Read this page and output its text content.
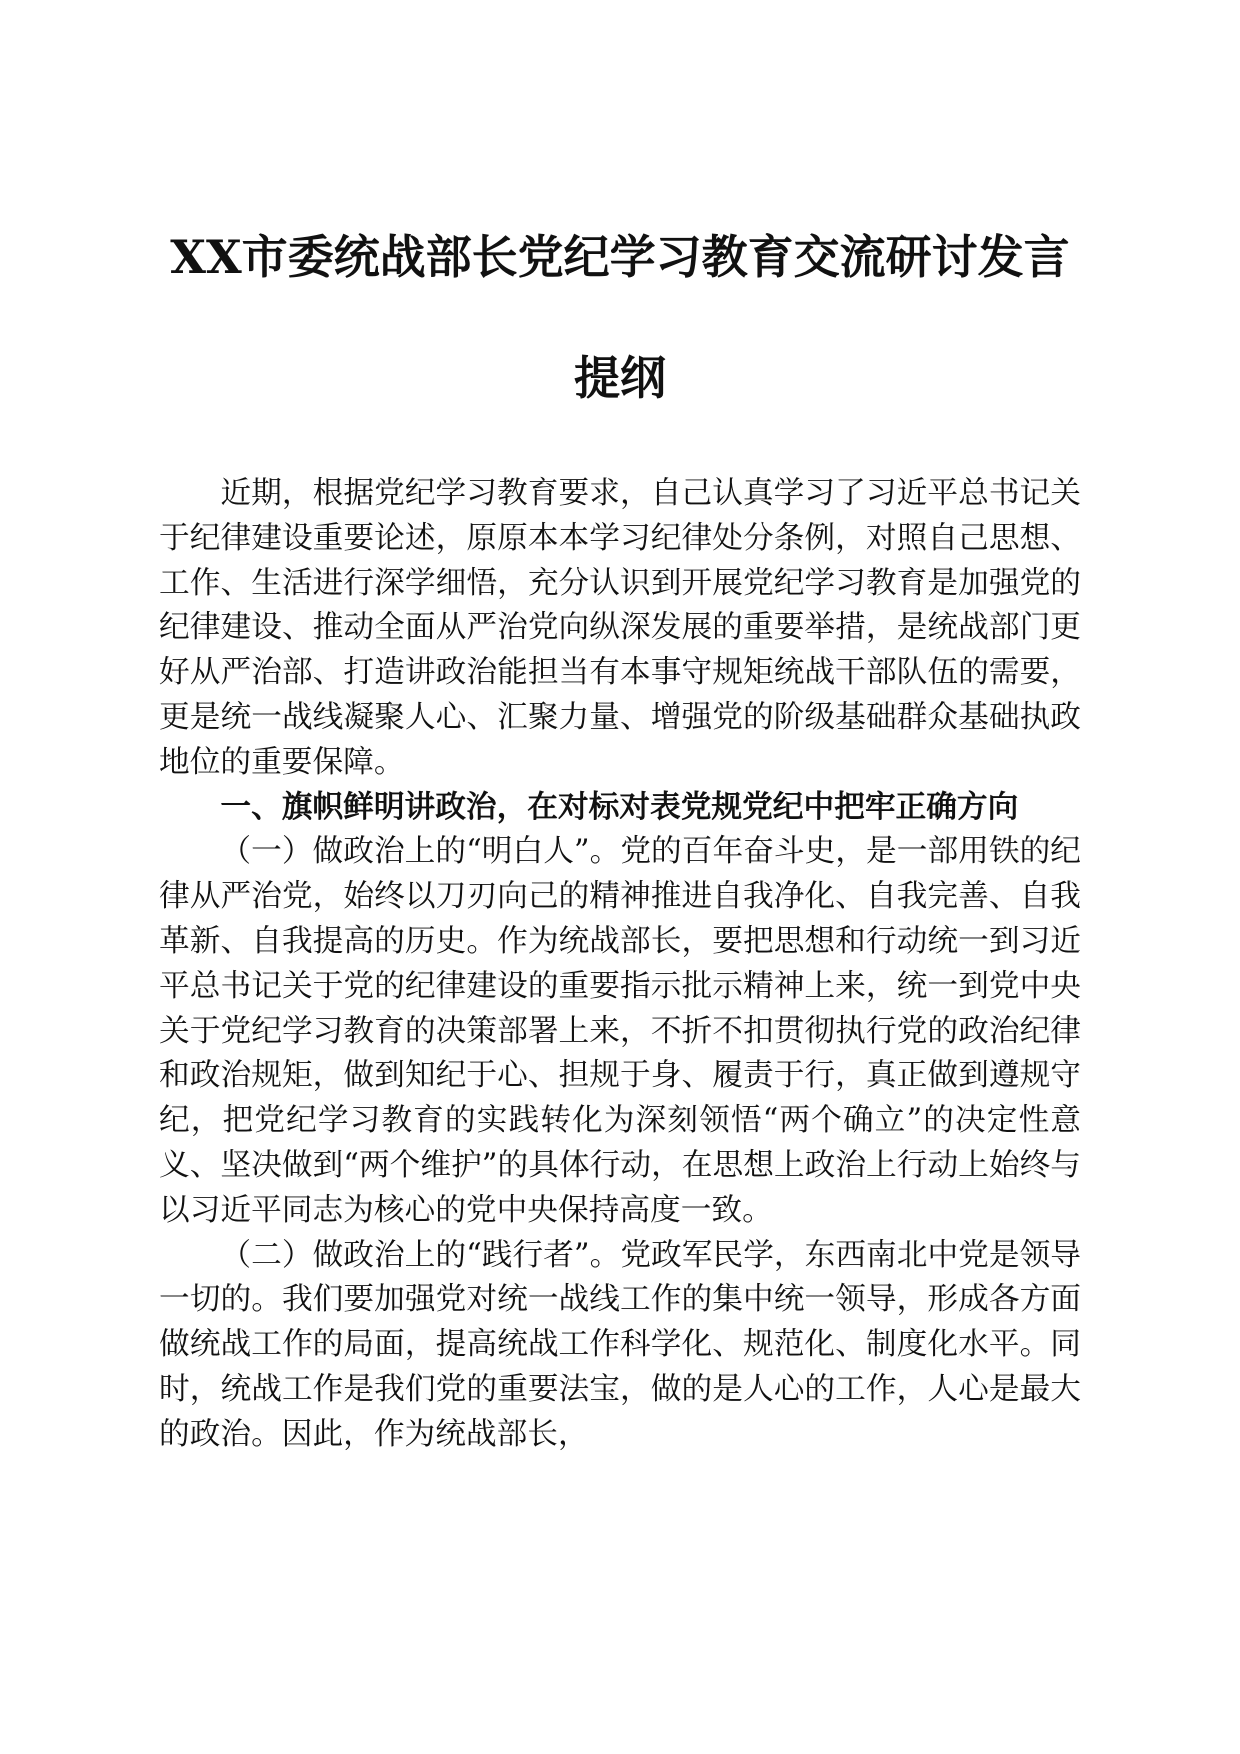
XX市委统战部长党纪学习教育交流研讨发言
提纲

近期，根据党纪学习教育要求，自己认真学习了习近平总书记关于纪律建设重要论述，原原本本学习纪律处分条例，对照自己思想、工作、生活进行深学细悟，充分认识到开展党纪学习教育是加强党的纪律建设、推动全面从严治党向纵深发展的重要举措，是统战部门更好从严治部、打造讲政治能担当有本事守规矩统战干部队伍的需要，更是统一战线凝聚人心、汇聚力量、增强党的阶级基础群众基础执政地位的重要保障。

一、旗帜鲜明讲政治，在对标对表党规党纪中把牢正确方向

（一）做政治上的“明白人”。党的百年奋斗史，是一部用铁的纪律从严治党，始终以刀刃向己的精神推进自我净化、自我完善、自我革新、自我提高的历史。作为统战部长，要把思想和行动统一到习近平总书记关于党的纪律建设的重要指示批示精神上来，统一到党中央关于党纪学习教育的决策部署上来，不折不扣贯彻执行党的政治纪律和政治规矩，做到知纪于心、担规于身、履责于行，真正做到遵规守纪，把党纪学习教育的实践转化为深刻领悟“两个确立”的决定性意义、坚决做到“两个维护”的具体行动，在思想上政治上行动上始终与以习近平同志为核心的党中央保持高度一致。

（二）做政治上的“践行者”。党政军民学，东西南北中党是领导一切的。我们要加强党对统一战线工作的集中统一领导，形成各方面做统战工作的局面，提高统战工作科学化、规范化、制度化水平。同时，统战工作是我们党的重要法宝，做的是人心的工作，人心是最大的政治。因此，作为统战部长，
